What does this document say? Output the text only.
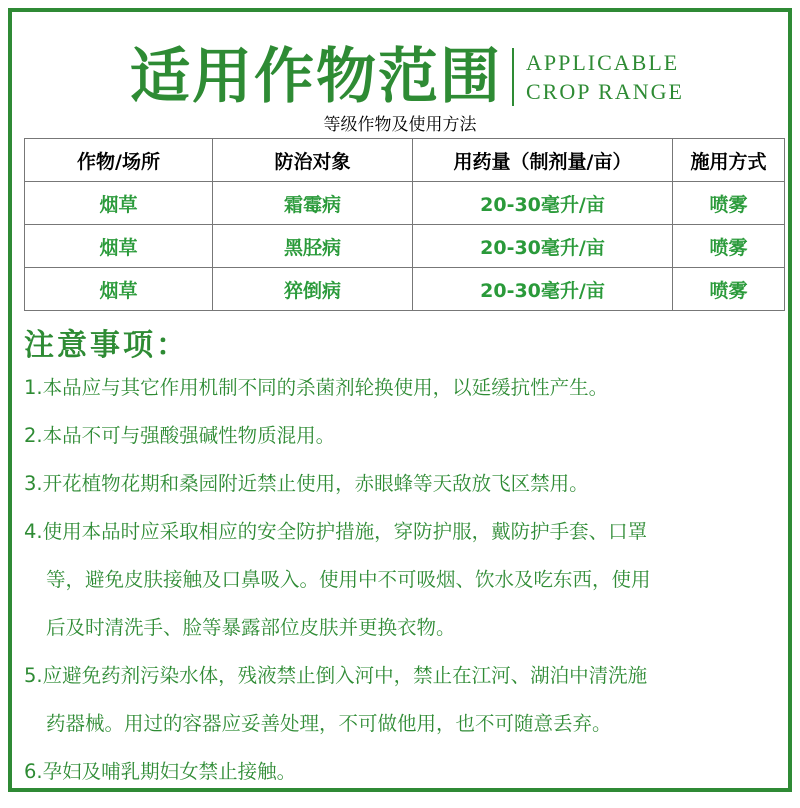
适用作物范围 APPLICABLE
CROP RANGE
等级作物及使用方法
作物/场所	防治对象	用药量（制剂量/亩）	施用方式
烟草	霜霉病	20-30毫升/亩	喷雾
烟草	黑胫病	20-30毫升/亩	喷雾
烟草	猝倒病	20-30毫升/亩	喷雾
注意事项：
1.本品应与其它作用机制不同的杀菌剂轮换使用，以延缓抗性产生。
2.本品不可与强酸强碱性物质混用。
3.开花植物花期和桑园附近禁止使用，赤眼蜂等天敌放飞区禁用。
4.使用本品时应采取相应的安全防护措施，穿防护服，戴防护手套、口罩
等，避免皮肤接触及口鼻吸入。使用中不可吸烟、饮水及吃东西，使用
后及时清洗手、脸等暴露部位皮肤并更换衣物。
5.应避免药剂污染水体，残液禁止倒入河中，禁止在江河、湖泊中清洗施
药器械。用过的容器应妥善处理，不可做他用，也不可随意丢弃。
6.孕妇及哺乳期妇女禁止接触。
